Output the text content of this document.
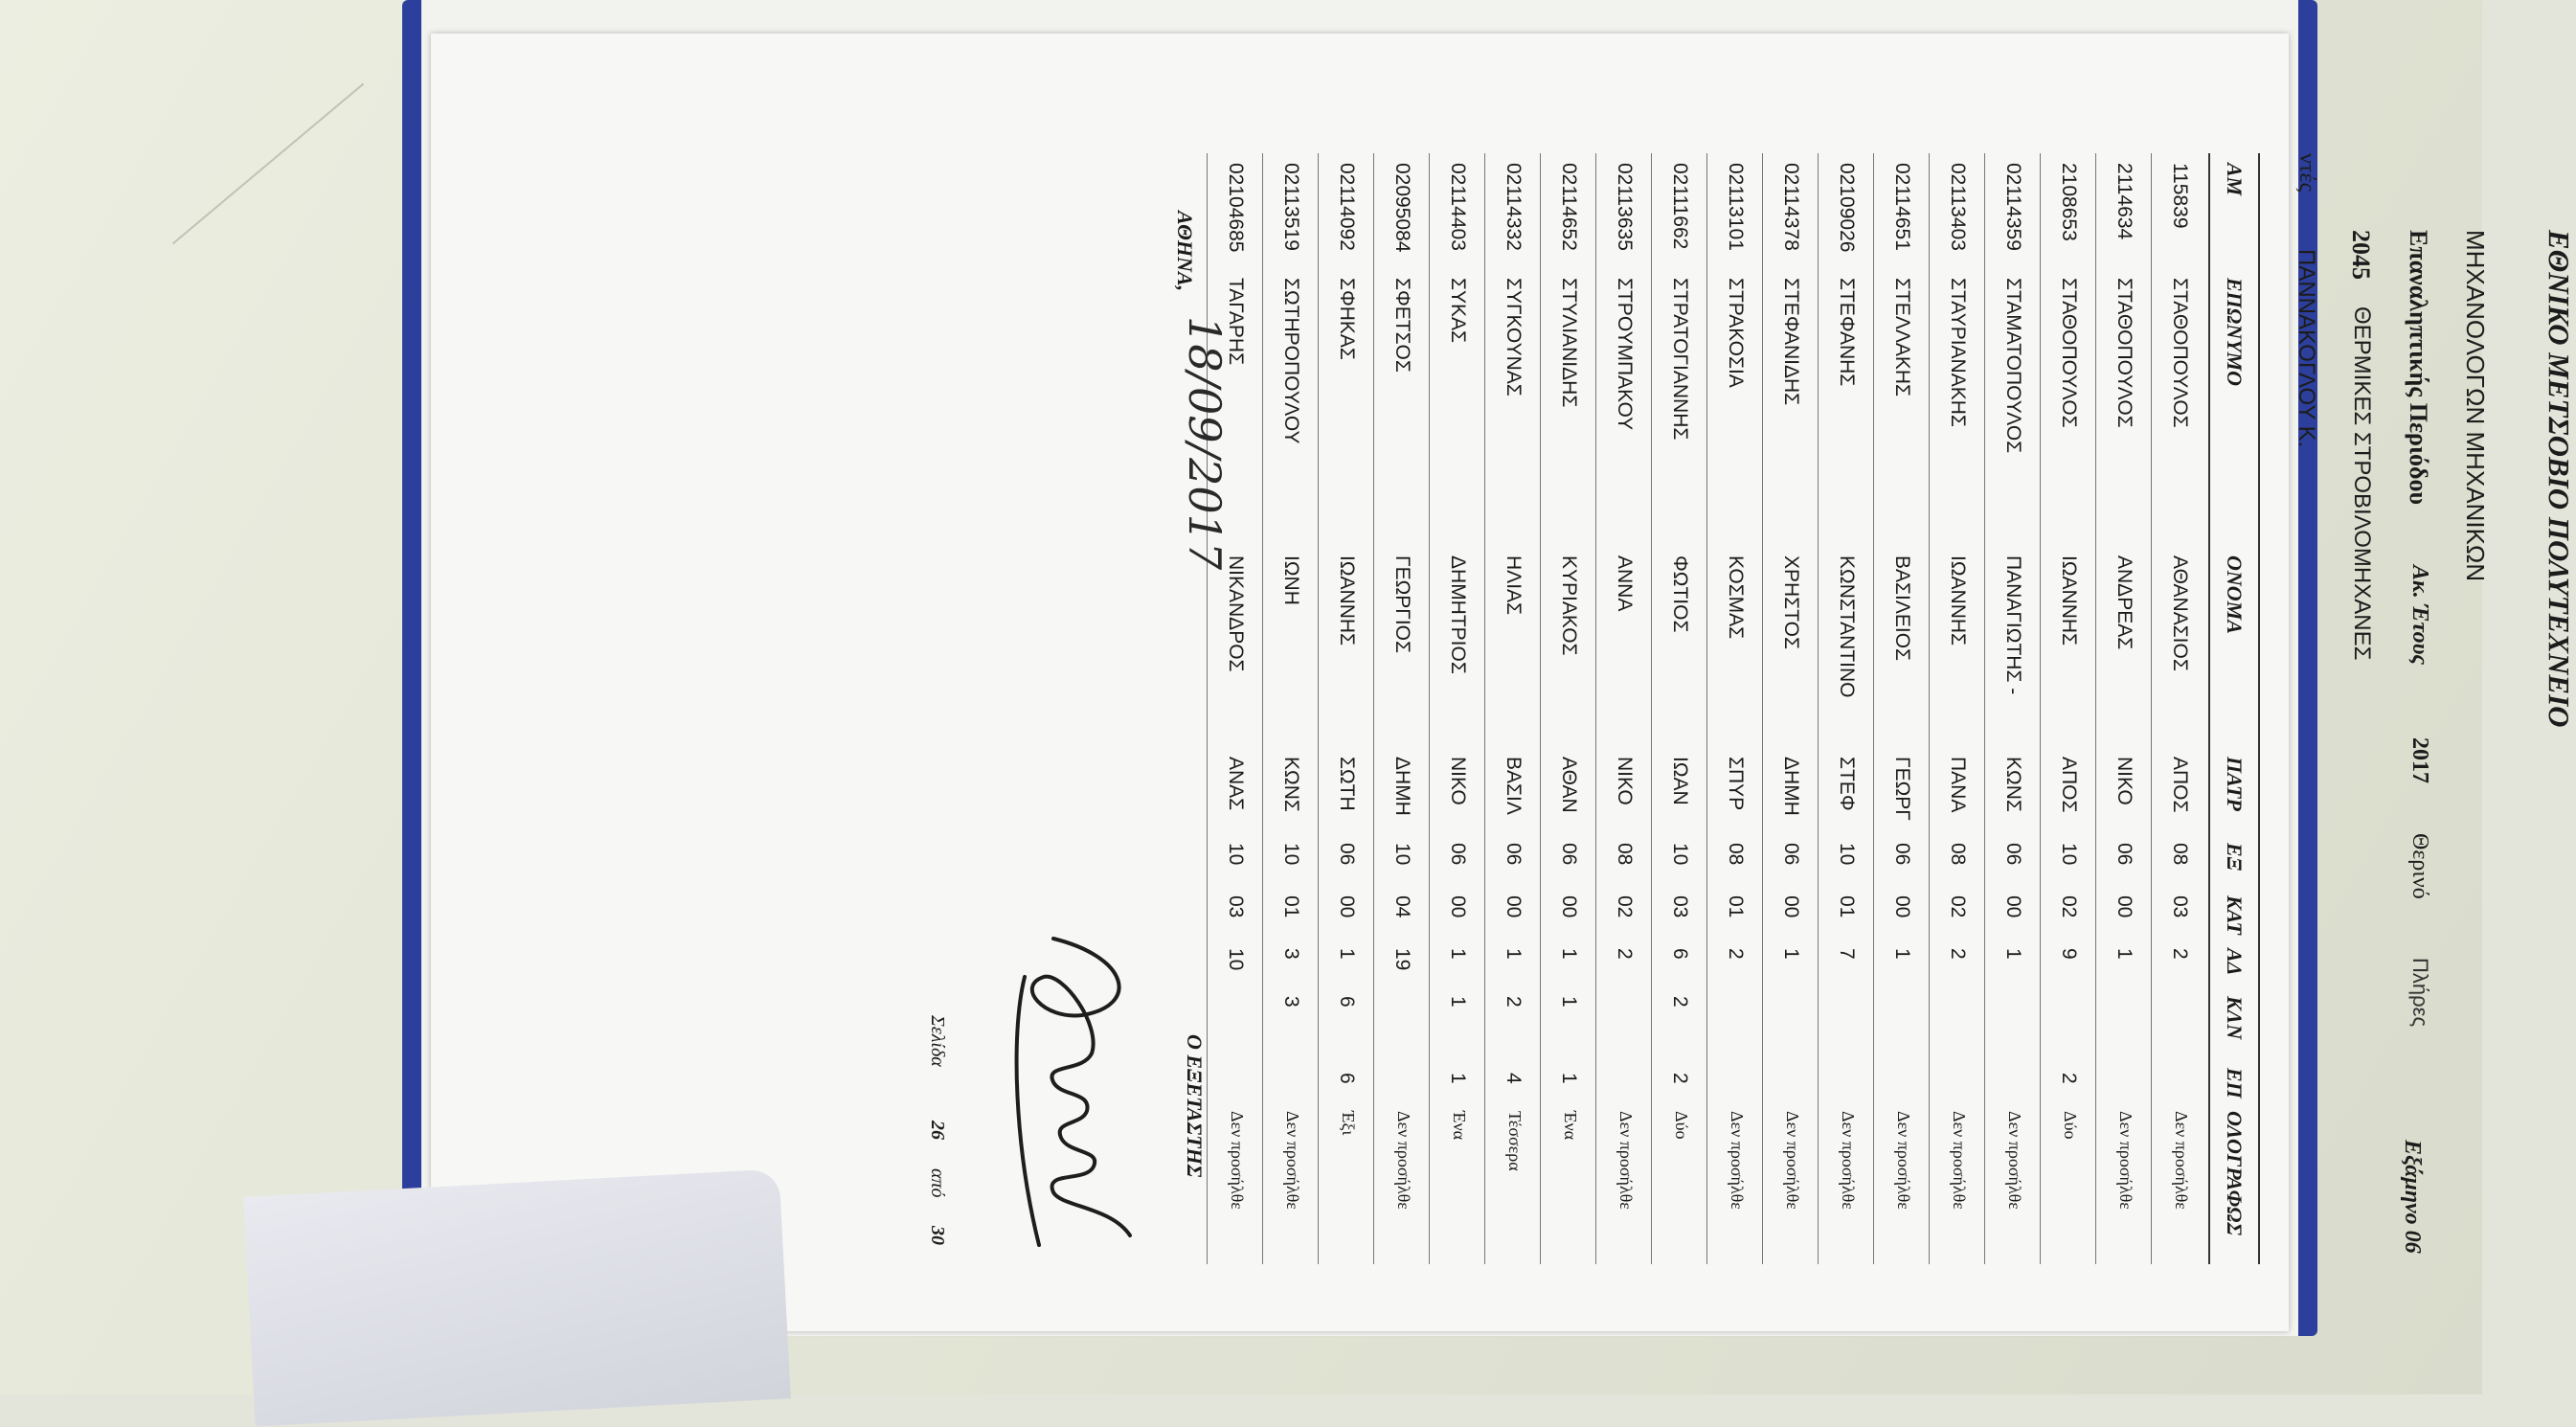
ΕΘΝΙΚΟ ΜΕΤΣΟΒΙΟ ΠΟΛΥΤΕΧΝΕΙΟ
ΜΗΧΑΝΟΛΟΓΩΝ ΜΗΧΑΝΙΚΩΝ
Επαναληπτικής Περιόδου
Ακ. Έτους
2017
Θερινό
Πλήρες
Εξάμηνο 06
2045
ΘΕΡΜΙΚΕΣ ΣΤΡΟΒΙΛΟΜΗΧΑΝΕΣ
ντές
ΠΑΝΝΑΚΟΓΛΟΥ Κ.
ΑΜ
ΕΠΩΝΥΜΟ
ΟΝΟΜΑ
ΠΑΤΡ
ΕΞ
ΚΑΤ
ΑΔ
ΚΛΝ
ΕΠ
ΟΛΟΓΡΑΦΩΣ
115839
ΣΤΑΘΟΠΟΥΛΟΣ
ΑΘΑΝΑΣΙΟΣ
ΑΠΟΣ
08
03
2
Δεν προσήλθε
2114634
ΣΤΑΘΟΠΟΥΛΟΣ
ΑΝΔΡΕΑΣ
ΝΙΚΟ
06
00
1
Δεν προσήλθε
2108653
ΣΤΑΘΟΠΟΥΛΟΣ
ΙΩΑΝΝΗΣ
ΑΠΟΣ
10
02
9
2
Δύο
02114359
ΣΤΑΜΑΤΟΠΟΥΛΟΣ
ΠΑΝΑΓΙΩΤΗΣ -
ΚΩΝΣ
06
00
1
Δεν προσήλθε
02113403
ΣΤΑΥΡΙΑΝΑΚΗΣ
ΙΩΑΝΝΗΣ
ΠΑΝΑ
08
02
2
Δεν προσήλθε
02114651
ΣΤΕΛΛΑΚΗΣ
ΒΑΣΙΛΕΙΟΣ
ΓΕΩΡΓ
06
00
1
Δεν προσήλθε
02109026
ΣΤΕΦΑΝΗΣ
ΚΩΝΣΤΑΝΤΙΝΟ
ΣΤΕΦ
10
01
7
Δεν προσήλθε
02114378
ΣΤΕΦΑΝΙΔΗΣ
ΧΡΗΣΤΟΣ
ΔΗΜΗ
06
00
1
Δεν προσήλθε
02113101
ΣΤΡΑΚΟΣΙΑ
ΚΟΣΜΑΣ
ΣΠΥΡ
08
01
2
Δεν προσήλθε
02111662
ΣΤΡΑΤΟΓΙΑΝΝΗΣ
ΦΩΤΙΟΣ
ΙΩΑΝ
10
03
6
2
2
Δύο
02113635
ΣΤΡΟΥΜΠΑΚΟΥ
ΑΝΝΑ
ΝΙΚΟ
08
02
2
Δεν προσήλθε
02114652
ΣΤΥΛΙΑΝΙΔΗΣ
ΚΥΡΙΑΚΟΣ
ΑΘΑΝ
06
00
1
1
1
Ένα
02114332
ΣΥΓΚΟΥΝΑΣ
ΗΛΙΑΣ
ΒΑΣΙΛ
06
00
1
2
4
Τέσσερα
02114403
ΣΥΚΑΣ
ΔΗΜΗΤΡΙΟΣ
ΝΙΚΟ
06
00
1
1
1
Ένα
02095084
ΣΦΕΤΣΟΣ
ΓΕΩΡΓΙΟΣ
ΔΗΜΗ
10
04
19
Δεν προσήλθε
02114092
ΣΦΗΚΑΣ
ΙΩΑΝΝΗΣ
ΣΩΤΗ
06
00
1
6
6
Έξι
02113519
ΣΩΤΗΡΟΠΟΥΛΟΥ
ΙΩΝΗ
ΚΩΝΣ
10
01
3
3
Δεν προσήλθε
02104685
ΤΑΓΑΡΗΣ
ΝΙΚΑΝΔΡΟΣ
ΑΝΑΣ
10
03
10
Δεν προσήλθε
ΑΘΗΝΑ,
18/09/2017
Ο ΕΞΕΤΑΣΤΗΣ
Σελίδα
26
από
30
